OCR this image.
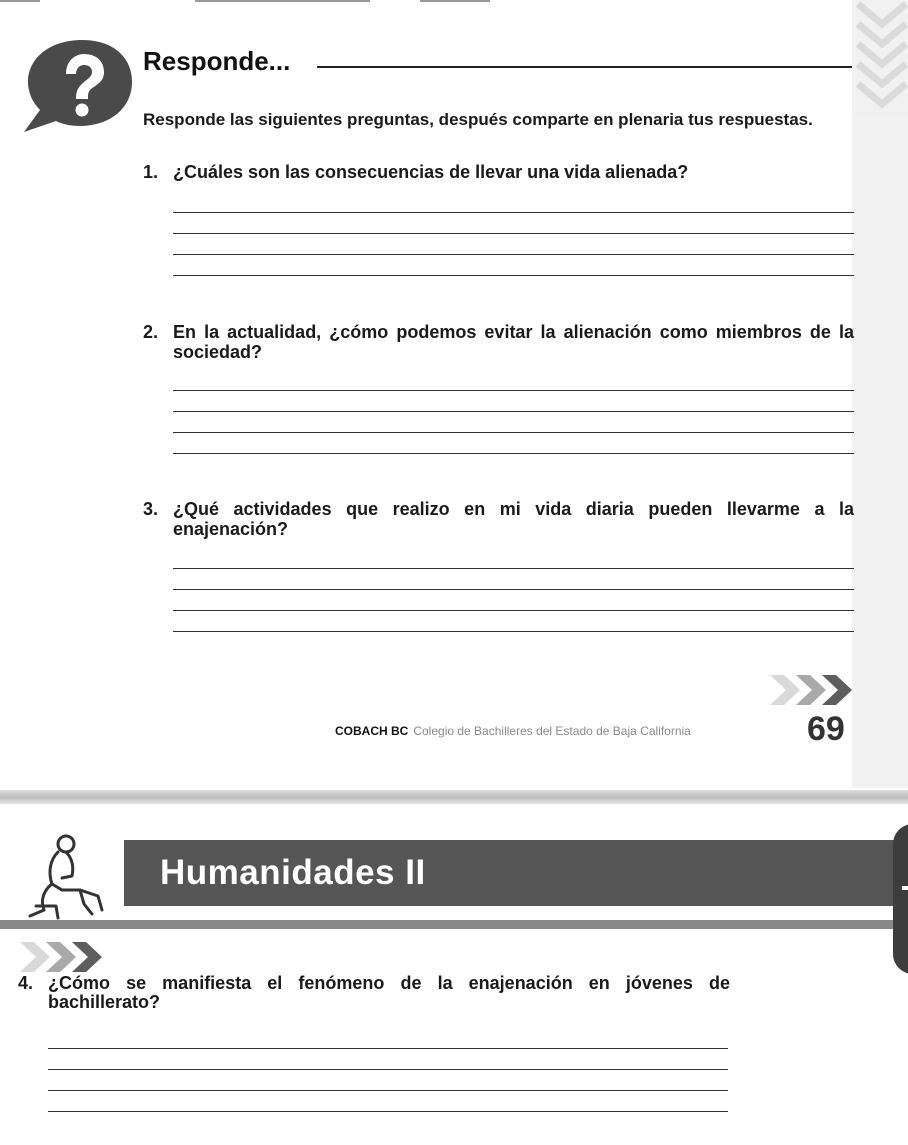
Responde...
Responde las siguientes preguntas, después comparte en plenaria tus respuestas.
1. ¿Cuáles son las consecuencias de llevar una vida alienada?
2. En la actualidad, ¿cómo podemos evitar la alienación como miembros de la sociedad?
3. ¿Qué actividades que realizo en mi vida diaria pueden llevarme a la enajenación?
COBACH BC Colegio de Bachilleres del Estado de Baja California	69
Humanidades II
4. ¿Cómo se manifiesta el fenómeno de la enajenación en jóvenes de bachillerato?
